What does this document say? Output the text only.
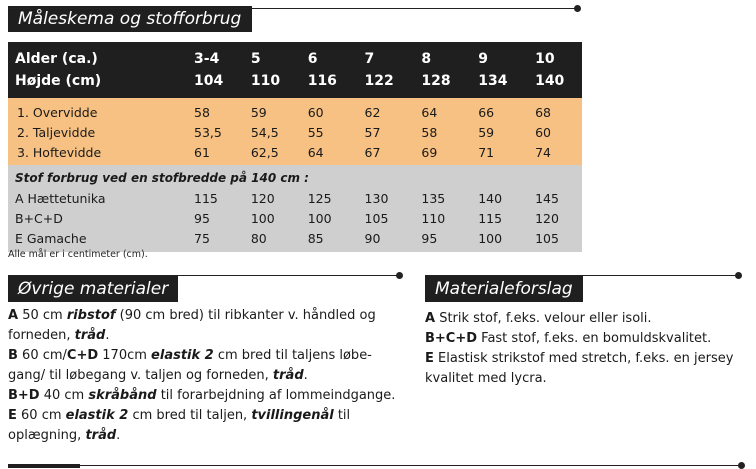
Måleskema og stofforbrug
Alder (ca.)	3-4	5	6	7	8	9	10
Højde (cm)	104	110	116	122	128	134	140
1. Overvidde	58	59	60	62	64	66	68
2. Taljevidde	53,5	54,5	55	57	58	59	60
3. Hoftevidde	61	62,5	64	67	69	71	74
Stof forbrug ved en stofbredde på 140 cm :							
A Hættetunika	115	120	125	130	135	140	145
B+C+D	95	100	100	105	110	115	120
E Gamache	75	80	85	90	95	100	105
Alle mål er i centimeter (cm).
Øvrige materialer

A 50 cm ribstof (90 cm bred) til ribkanter v. håndled og

forneden, tråd.

B 60 cm/C+D 170cm elastik 2 cm bred til taljens løbe-

gang/ til løbegang v. taljen og forneden, tråd.

B+D 40 cm skråbånd til forarbejdning af lommeindgange.

E 60 cm elastik 2 cm bred til taljen, tvillingenål til

oplægning, tråd.

Materialeforslag

A Strik stof, f.eks. velour eller isoli.

B+C+D Fast stof, f.eks. en bomuldskvalitet.

E Elastisk strikstof med stretch, f.eks. en jersey

kvalitet med lycra.
